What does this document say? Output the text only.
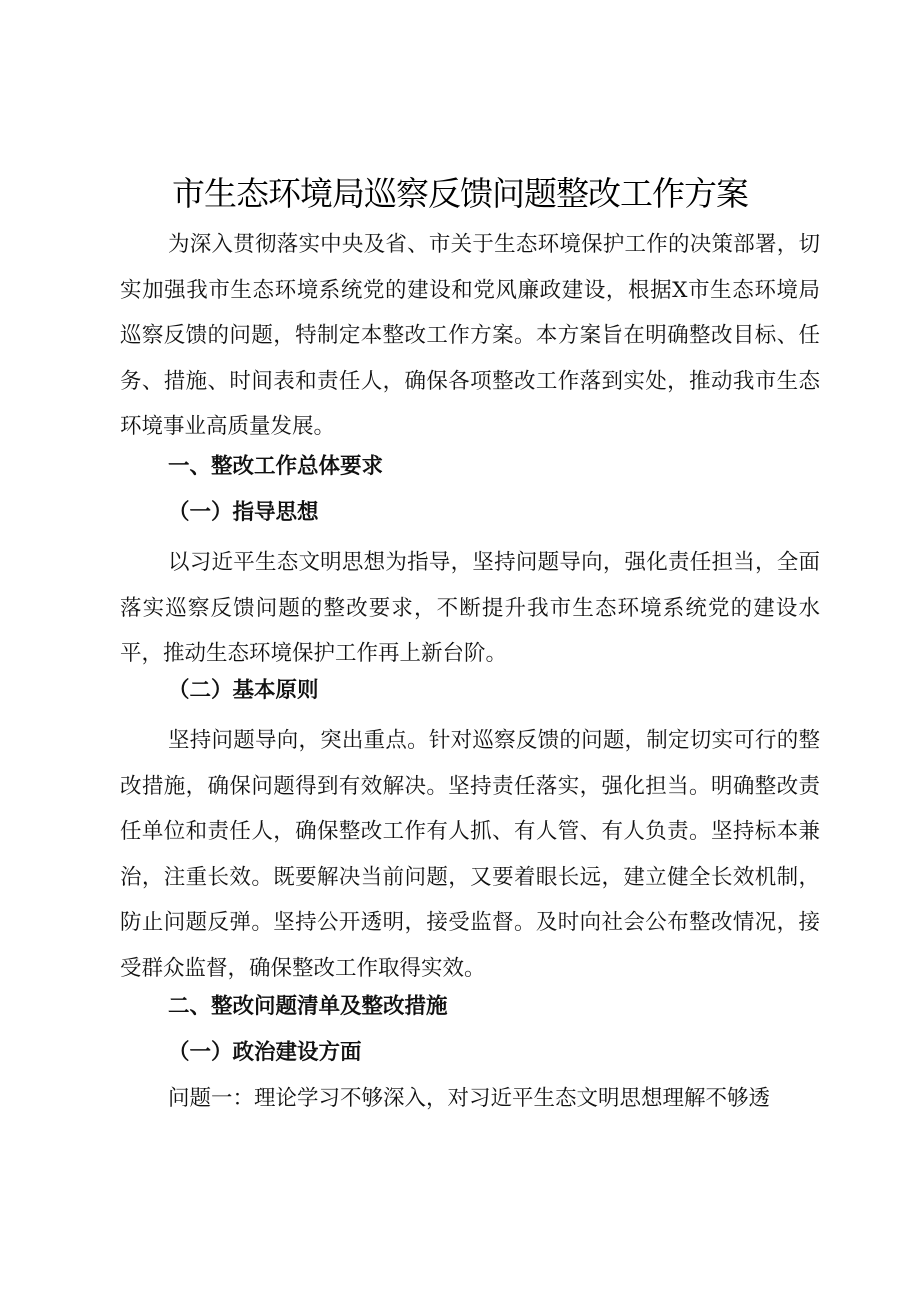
市生态环境局巡察反馈问题整改工作方案

为深入贯彻落实中央及省、市关于生态环境保护工作的决策部署，切实加强我市生态环境系统党的建设和党风廉政建设，根据X市生态环境局巡察反馈的问题，特制定本整改工作方案。本方案旨在明确整改目标、任务、措施、时间表和责任人，确保各项整改工作落到实处，推动我市生态环境事业高质量发展。

一、整改工作总体要求

（一）指导思想

以习近平生态文明思想为指导，坚持问题导向，强化责任担当，全面落实巡察反馈问题的整改要求，不断提升我市生态环境系统党的建设水平，推动生态环境保护工作再上新台阶。

（二）基本原则

坚持问题导向，突出重点。针对巡察反馈的问题，制定切实可行的整改措施，确保问题得到有效解决。坚持责任落实，强化担当。明确整改责任单位和责任人，确保整改工作有人抓、有人管、有人负责。坚持标本兼治，注重长效。既要解决当前问题，又要着眼长远，建立健全长效机制，防止问题反弹。坚持公开透明，接受监督。及时向社会公布整改情况，接受群众监督，确保整改工作取得实效。

二、整改问题清单及整改措施

（一）政治建设方面

问题一：理论学习不够深入，对习近平生态文明思想理解不够透
